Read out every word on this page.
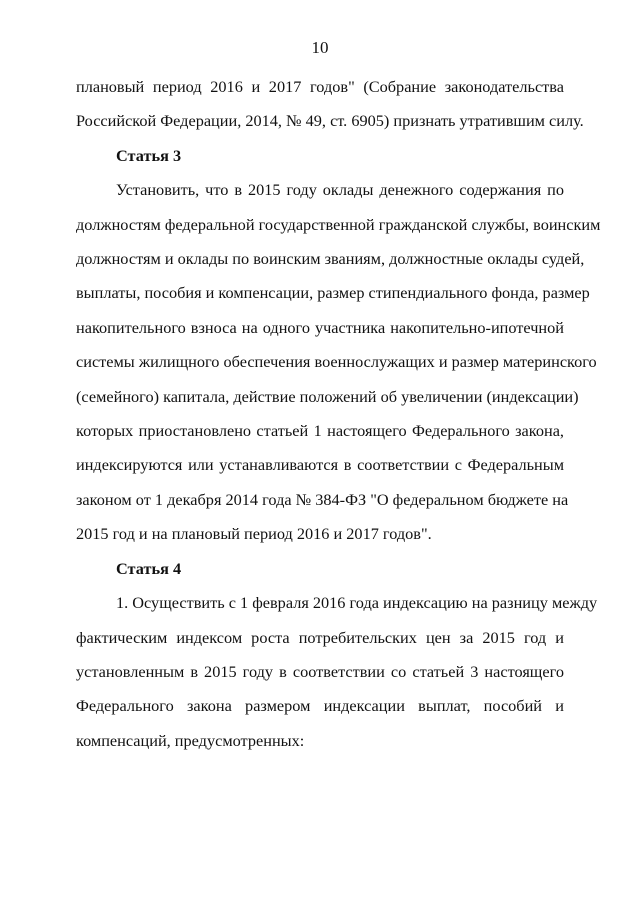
10
плановый период 2016 и 2017 годов" (Собрание законодательства
Российской Федерации, 2014, № 49, ст. 6905) признать утратившим силу.
Статья 3
Установить, что в 2015 году оклады денежного содержания по
должностям федеральной государственной гражданской службы, воинским
должностям и оклады по воинским званиям, должностные оклады судей,
выплаты, пособия и компенсации, размер стипендиального фонда, размер
накопительного взноса на одного участника накопительно-ипотечной
системы жилищного обеспечения военнослужащих и размер материнского
(семейного) капитала, действие положений об увеличении (индексации)
которых приостановлено статьей 1 настоящего Федерального закона,
индексируются или устанавливаются в соответствии с Федеральным
законом от 1 декабря 2014 года № 384-ФЗ "О федеральном бюджете на
2015 год и на плановый период 2016 и 2017 годов".
Статья 4
1. Осуществить с 1 февраля 2016 года индексацию на разницу между
фактическим индексом роста потребительских цен за 2015 год и
установленным в 2015 году в соответствии со статьей 3 настоящего
Федерального закона размером индексации выплат, пособий и
компенсаций, предусмотренных:
